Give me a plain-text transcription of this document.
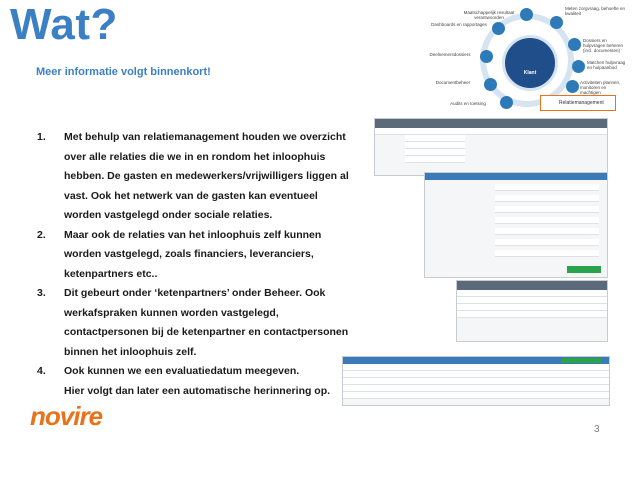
Wat?
Meer informatie volgt binnenkort!
1. Met behulp van relatiemanagement houden we overzicht
over alle relaties die we in en rondom het inloophuis
hebben. De gasten en medewerkers/vrijwilligers liggen al
vast. Ook het netwerk van de gasten kan eventueel
worden vastgelegd onder sociale relaties.
2. Maar ook de relaties van het inloophuis zelf kunnen
worden vastgelegd, zoals financiers, leveranciers,
ketenpartners etc..
3. Dit gebeurt onder ‘ketenpartners’ onder Beheer. Ook
werkafspraken kunnen worden vastgelegd,
contactpersonen bij de ketenpartner en contactpersonen
binnen het inloophuis zelf.
4. Ook kunnen we een evaluatiedatum meegeven.
Hier volgt dan later een automatische herinnering op.
Klant
Maatschappelijk resultaat verantwoorden
Meten zorgvraag, behoefte en kwaliteit
Dashboards en rapportages
Dossiers en hulpvragen beheren (incl. documenten)
Deelnemersdossiers
Matchen hulpvraag en hulpaanbod
Documentbeheer	Activiteiten plannen, monitoren en machtigen
Audits en toetsing	Relatiemanagement
novire	3
